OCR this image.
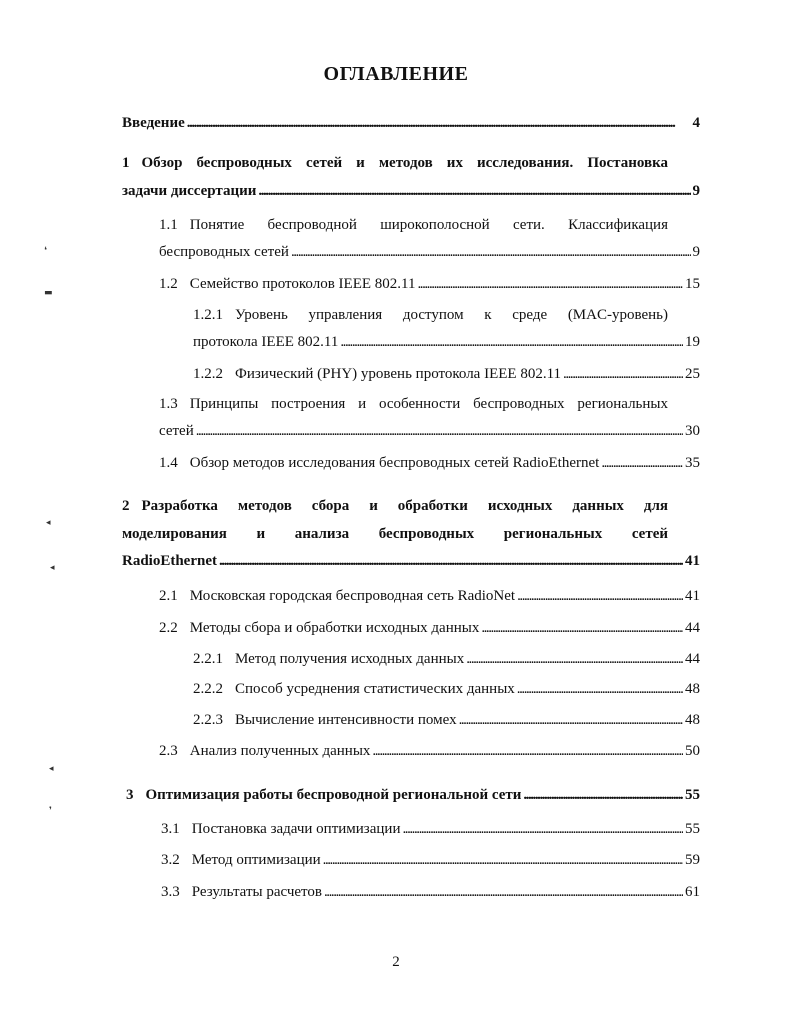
ОГЛАВЛЕНИЕ
Введение . . .	4
1 Обзор беспроводных сетей и методов их исследования. Постановка
задачи диссертации . . .	9
1.1 Понятие беспроводной широкополосной сети. Классификация
беспроводных сетей . . .	9
1.2 Семейство протоколов IEEE 802.11 . . .	15
1.2.1 Уровень управления доступом к среде (MAC-уровень)
протокола IEEE 802.11 . . .	19
1.2.2 Физический (PHY) уровень протокола IEEE 802.11 . . .	25
1.3 Принципы построения и особенности беспроводных региональных
сетей . . .	30
1.4 Обзор методов исследования беспроводных сетей RadioEthernet . . .	35
2 Разработка методов сбора и обработки исходных данных для
моделирования и анализа беспроводных региональных сетей
RadioEthernet . . .	41
2.1 Московская городская беспроводная сеть RadioNet . . .	41
2.2 Методы сбора и обработки исходных данных . . .	44
2.2.1 Метод получения исходных данных . . .	44
2.2.2 Способ усреднения статистических данных . . .	48
2.2.3 Вычисление интенсивности помех . . .	48
2.3 Анализ полученных данных . . .	50
3 Оптимизация работы беспроводной региональной сети . . .	55
3.1 Постановка задачи оптимизации . . .	55
3.2 Метод оптимизации . . .	59
3.3 Результаты расчетов . . .	61
❛
▬
◂
◂
◂
❜
2
